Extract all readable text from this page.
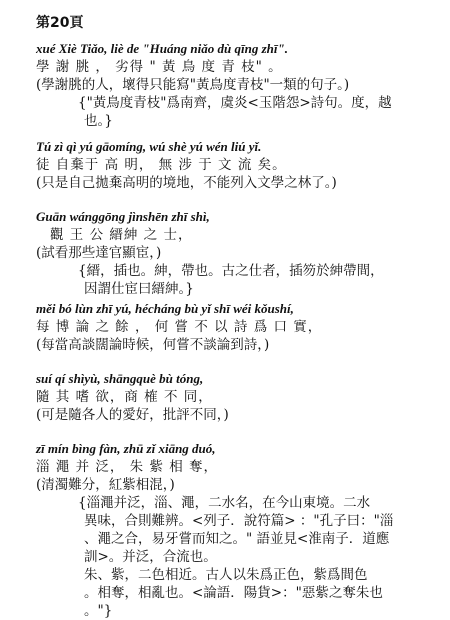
第20頁
xué Xiè Tiǎo, liè de "Huáng niǎo dù qīng zhī".
學 謝 朓 ， 劣得 " 黃 鳥 度 青 枝" 。
(學謝朓的人，壞得只能寫"黃鳥度青枝"一類的句子。)
{"黃鳥度青枝"爲南齊，虞炎<玉階怨>詩句。度，越
也。}
Tú zì qì yú gāomíng, wú shè yú wén liú yǐ.
徒 自棄于 高 明， 無 涉 于 文 流 矣。
(只是自己拋棄高明的境地，不能列入文學之林了。)
Guān wánggōng jìnshēn zhī shì,
觀 王 公 縉紳 之 士，
(試看那些達官顯宦，)
{縉，插也。紳，帶也。古之仕者，插笏於紳帶間，
因謂仕宦曰縉紳。}
měi bó lùn zhī yú, hécháng bù yǐ shī wéi kǒushí,
每 博 論 之 餘 ， 何 嘗 不 以 詩 爲 口 實，
(每當高談闊論時候，何嘗不談論到詩，)
suí qí shìyù, shāngquè bù tóng,
隨 其 嗜 欲，商 榷 不 同，
(可是隨各人的愛好，批評不同，)
zī mín bìng fàn, zhū zǐ xiāng duó,
淄 澠 并 泛， 朱 紫 相 奪，
(清濁難分，紅紫相混，)
{淄澠并泛，淄、澠，二水名，在今山東境。二水
異味，合則難辨。<列子．說符篇> ："孔子曰："淄
、澠之合，易牙嘗而知之。" 語並見<淮南子．道應
訓>。并泛，合流也。
朱、紫，二色相近。古人以朱爲正色，紫爲間色
。相奪，相亂也。<論語．陽貨>："惡紫之奪朱也
。"}
